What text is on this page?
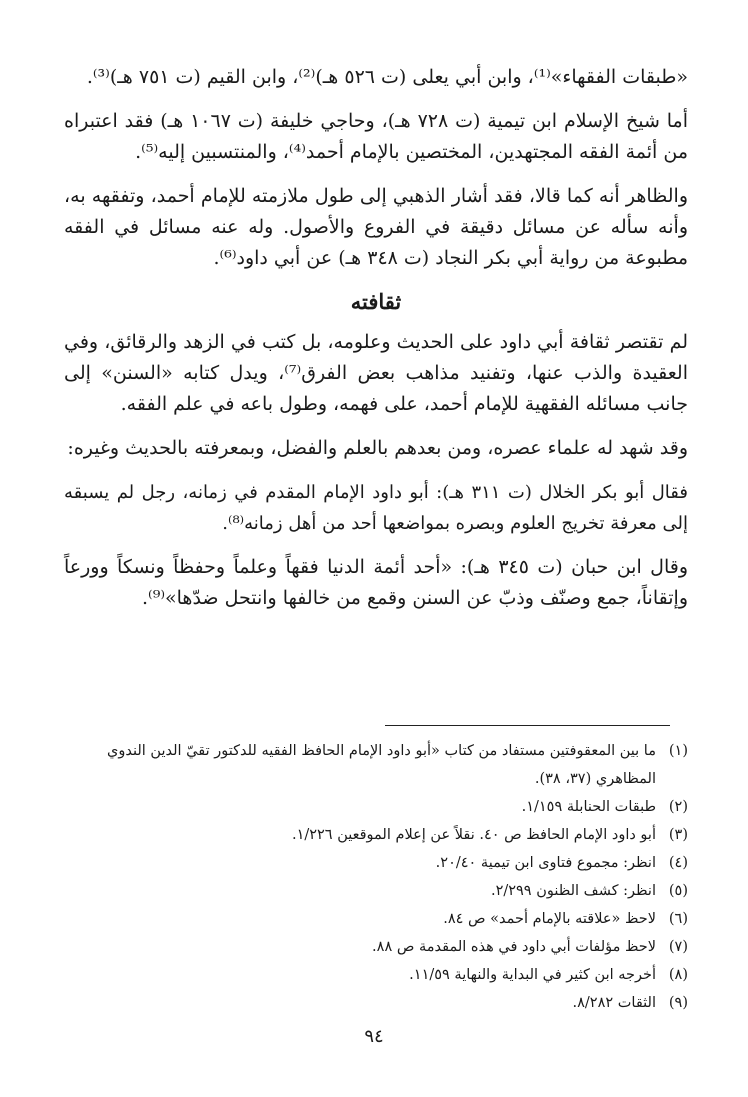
«طبقات الفقهاء»⁽¹⁾، وابن أبي يعلى (ت ٥٢٦ هـ)⁽²⁾، وابن القيم (ت ٧٥١ هـ)⁽³⁾.

أما شيخ الإسلام ابن تيمية (ت ٧٢٨ هـ)، وحاجي خليفة (ت ١٠٦٧ هـ) فقد اعتبراه من أئمة الفقه المجتهدين، المختصين بالإمام أحمد⁽⁴⁾، والمنتسبين إليه⁽⁵⁾.

والظاهر أنه كما قالا، فقد أشار الذهبي إلى طول ملازمته للإمام أحمد، وتفقهه به، وأنه سأله عن مسائل دقيقة في الفروع والأصول. وله عنه مسائل في الفقه مطبوعة من رواية أبي بكر النجاد (ت ٣٤٨ هـ) عن أبي داود⁽⁶⁾.

ثقافته

لم تقتصر ثقافة أبي داود على الحديث وعلومه، بل كتب في الزهد والرقائق، وفي العقيدة والذب عنها، وتفنيد مذاهب بعض الفرق⁽⁷⁾، ويدل كتابه «السنن» إلى جانب مسائله الفقهية للإمام أحمد، على فهمه، وطول باعه في علم الفقه.

وقد شهد له علماء عصره، ومن بعدهم بالعلم والفضل، وبمعرفته بالحديث وغيره:

فقال أبو بكر الخلال (ت ٣١١ هـ): أبو داود الإمام المقدم في زمانه، رجل لم يسبقه إلى معرفة تخريج العلوم وبصره بمواضعها أحد من أهل زمانه⁽⁸⁾.

وقال ابن حبان (ت ٣٤٥ هـ): «أحد أئمة الدنيا فقهاً وعلماً وحفظاً ونسكاً وورعاً وإتقاناً، جمع وصنّف وذبّ عن السنن وقمع من خالفها وانتحل ضدّها»⁽⁹⁾.

(١)
ما بين المعقوفتين مستفاد من كتاب «أبو داود الإمام الحافظ الفقيه للدكتور تقيّ الدين الندوي المظاهري (٣٧، ٣٨).
(٢)
طبقات الحنابلة ١/١٥٩.
(٣)
أبو داود الإمام الحافظ ص ٤٠. نقلاً عن إعلام الموقعين ١/٢٢٦.
(٤)
انظر: مجموع فتاوى ابن تيمية ٢٠/٤٠.
(٥)
انظر: كشف الظنون ٢/٢٩٩.
(٦)
لاحظ «علاقته بالإمام أحمد» ص ٨٤.
(٧)
لاحظ مؤلفات أبي داود في هذه المقدمة ص ٨٨.
(٨)
أخرجه ابن كثير في البداية والنهاية ١١/٥٩.
(٩)
الثقات ٨/٢٨٢.
٩٤
